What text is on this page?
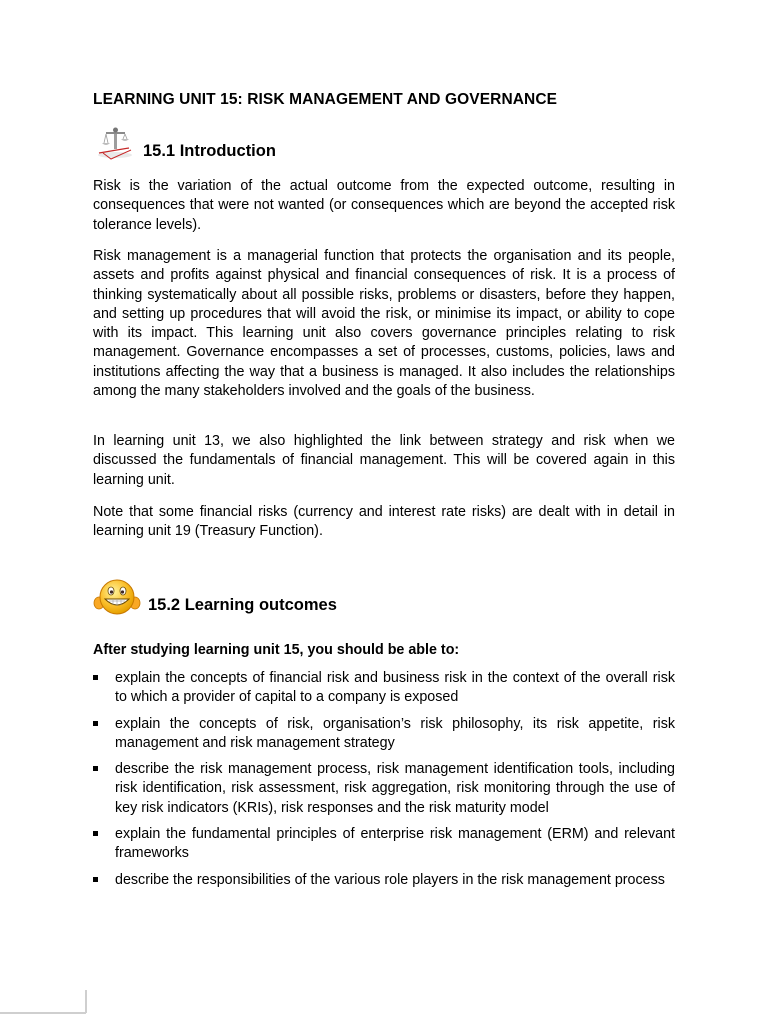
LEARNING UNIT 15: RISK MANAGEMENT AND GOVERNANCE
15.1 Introduction

Risk is the variation of the actual outcome from the expected outcome, resulting in consequences that were not wanted (or consequences which are beyond the accepted risk tolerance levels).

Risk management is a managerial function that protects the organisation and its people, assets and profits against physical and financial consequences of risk. It is a process of thinking systematically about all possible risks, problems or disasters, before they happen, and setting up procedures that will avoid the risk, or minimise its impact, or ability to cope with its impact. This learning unit also covers governance principles relating to risk management. Governance encompasses a set of processes, customs, policies, laws and institutions affecting the way that a business is managed. It also includes the relationships among the many stakeholders involved and the goals of the business.

In learning unit 13, we also highlighted the link between strategy and risk when we discussed the fundamentals of financial management. This will be covered again in this learning unit.

Note that some financial risks (currency and interest rate risks) are dealt with in detail in learning unit 19 (Treasury Function).

15.2 Learning outcomes

After studying learning unit 15, you should be able to:

explain the concepts of financial risk and business risk in the context of the overall risk to which a provider of capital to a company is exposed
explain the concepts of risk, organisation’s risk philosophy, its risk appetite, risk management and risk management strategy
describe the risk management process, risk management identification tools, including risk identification, risk assessment, risk aggregation, risk monitoring through the use of key risk indicators (KRIs), risk responses and the risk maturity model
explain the fundamental principles of enterprise risk management (ERM) and relevant frameworks
describe the responsibilities of the various role players in the risk management process
